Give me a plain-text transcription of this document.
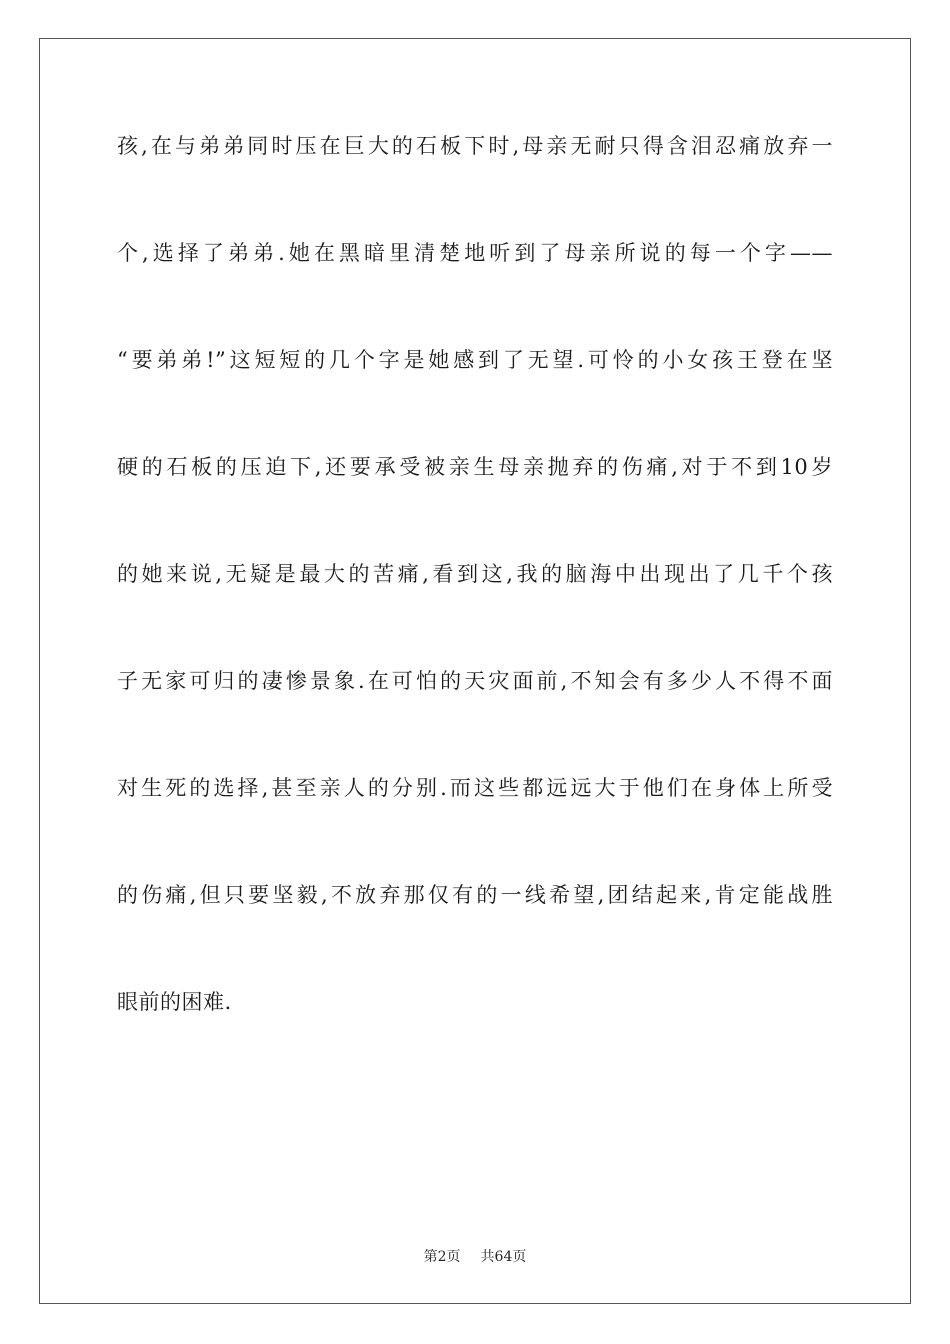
孩,在与弟弟同时压在巨大的石板下时,母亲无耐只得含泪忍痛放弃一
个,选择了弟弟.她在黑暗里清楚地听到了母亲所说的每一个字——
“要弟弟!”这短短的几个字是她感到了无望.可怜的小女孩王登在坚
硬的石板的压迫下,还要承受被亲生母亲抛弃的伤痛,对于不到10岁
的她来说,无疑是最大的苦痛,看到这,我的脑海中出现出了几千个孩
子无家可归的凄惨景象.在可怕的天灾面前,不知会有多少人不得不面
对生死的选择,甚至亲人的分别.而这些都远远大于他们在身体上所受
的伤痛,但只要坚毅,不放弃那仅有的一线希望,团结起来,肯定能战胜
眼前的困难.
第2页 共64页
